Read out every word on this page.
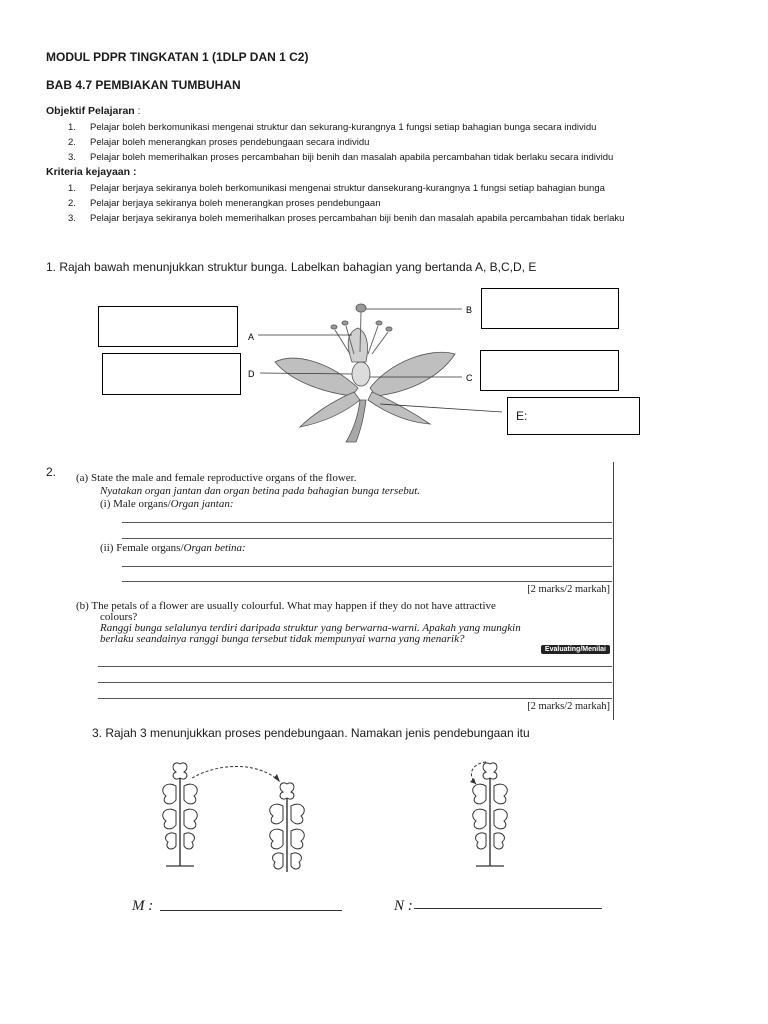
MODUL PDPR TINGKATAN 1 (1DLP DAN 1 C2)
BAB 4.7 PEMBIAKAN TUMBUHAN
Objektif Pelajaran :
1. Pelajar boleh berkomunikasi mengenai struktur dan sekurang-kurangnya 1 fungsi setiap bahagian bunga secara individu
2. Pelajar boleh menerangkan proses pendebungaan secara individu
3. Pelajar boleh memerihalkan proses percambahan biji benih dan masalah apabila percambahan tidak berlaku secara individu
Kriteria kejayaan :
1. Pelajar berjaya sekiranya boleh berkomunikasi mengenai struktur dansekurang-kurangnya 1 fungsi setiap bahagian bunga
2. Pelajar berjaya sekiranya boleh menerangkan proses pendebungaan
3. Pelajar berjaya sekiranya boleh memerihalkan proses percambahan biji benih dan masalah apabila percambahan tidak berlaku
1. Rajah bawah menunjukkan struktur bunga. Labelkan bahagian yang bertanda A, B,C,D, E
E:
A
B
D	C
2. (a) State the male and female reproductive organs of the flower.
Nyatakan organ jantan dan organ betina pada bahagian bunga tersebut.
(i) Male organs/Organ jantan:
(ii) Female organs/Organ betina:
[2 marks/2 markah]
(b) The petals of a flower are usually colourful. What may happen if they do not have attractive
colours?
Ranggi bunga selalunya terdiri daripada struktur yang berwarna-warni. Apakah yang mungkin
berlaku seandainya ranggi bunga tersebut tidak mempunyai warna yang menarik?
Evaluating/Menilai
[2 marks/2 markah]
3. Rajah 3 menunjukkan proses pendebungaan. Namakan jenis pendebungaan itu
M :	N :
